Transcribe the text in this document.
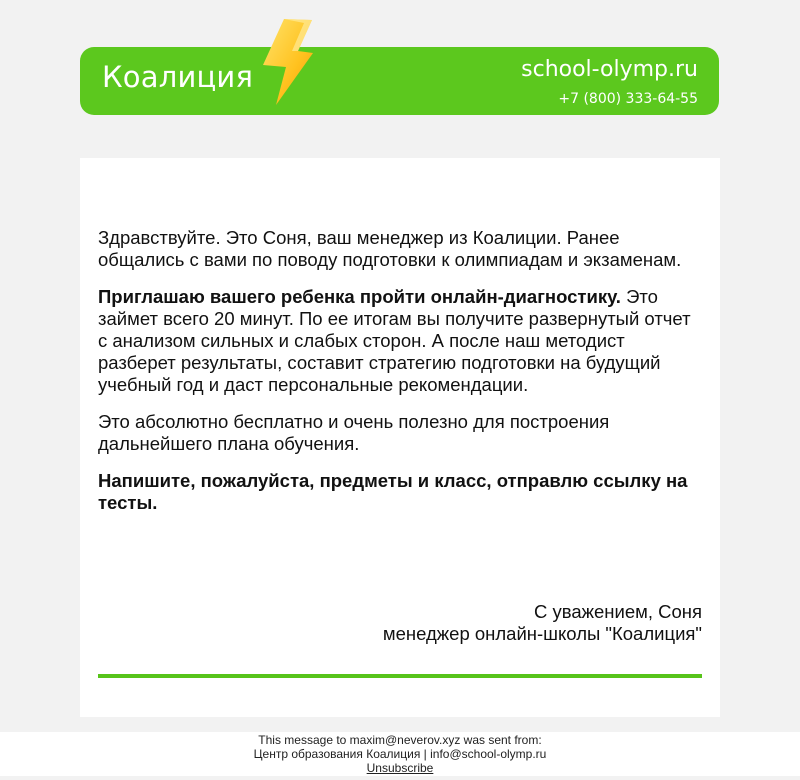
Коалиция	school-olymp.ru
+7 (800) 333-64-55

Здравствуйте. Это Соня, ваш менеджер из Коалиции. Ранее общались с вами по поводу подготовки к олимпиадам и экзаменам.

Приглашаю вашего ребенка пройти онлайн-диагностику. Это займет всего 20 минут. По ее итогам вы получите развернутый отчет с анализом сильных и слабых сторон. А после наш методист разберет результаты, составит стратегию подготовки на будущий учебный год и даст персональные рекомендации.

Это абсолютно бесплатно и очень полезно для построения дальнейшего плана обучения.

Напишите, пожалуйста, предметы и класс, отправлю ссылку на тесты.

С уважением, Соня
менеджер онлайн-школы "Коалиция"
This message to maxim@neverov.xyz was sent from:
Центр образования Коалиция | info@school-olymp.ru
Unsubscribe
